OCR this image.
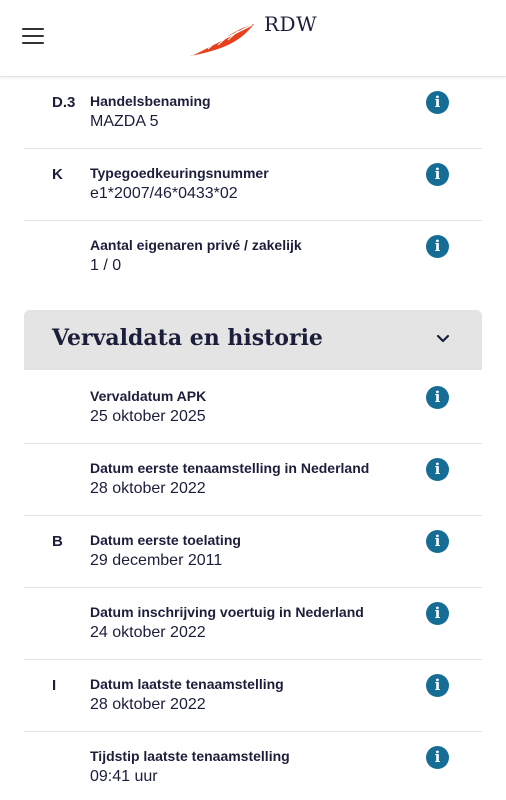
RDW
D.3 Handelsbenaming
MAZDA 5
i
K Typegoedkeuringsnummer
e1*2007/46*0433*02
i
Aantal eigenaren privé / zakelijk
1 / 0
i
Vervaldata en historie
Vervaldatum APK
25 oktober 2025
i
Datum eerste tenaamstelling in Nederland
28 oktober 2022
i
B Datum eerste toelating
29 december 2011
i
Datum inschrijving voertuig in Nederland
24 oktober 2022
i
I Datum laatste tenaamstelling
28 oktober 2022
i
Tijdstip laatste tenaamstelling
09:41 uur
i
